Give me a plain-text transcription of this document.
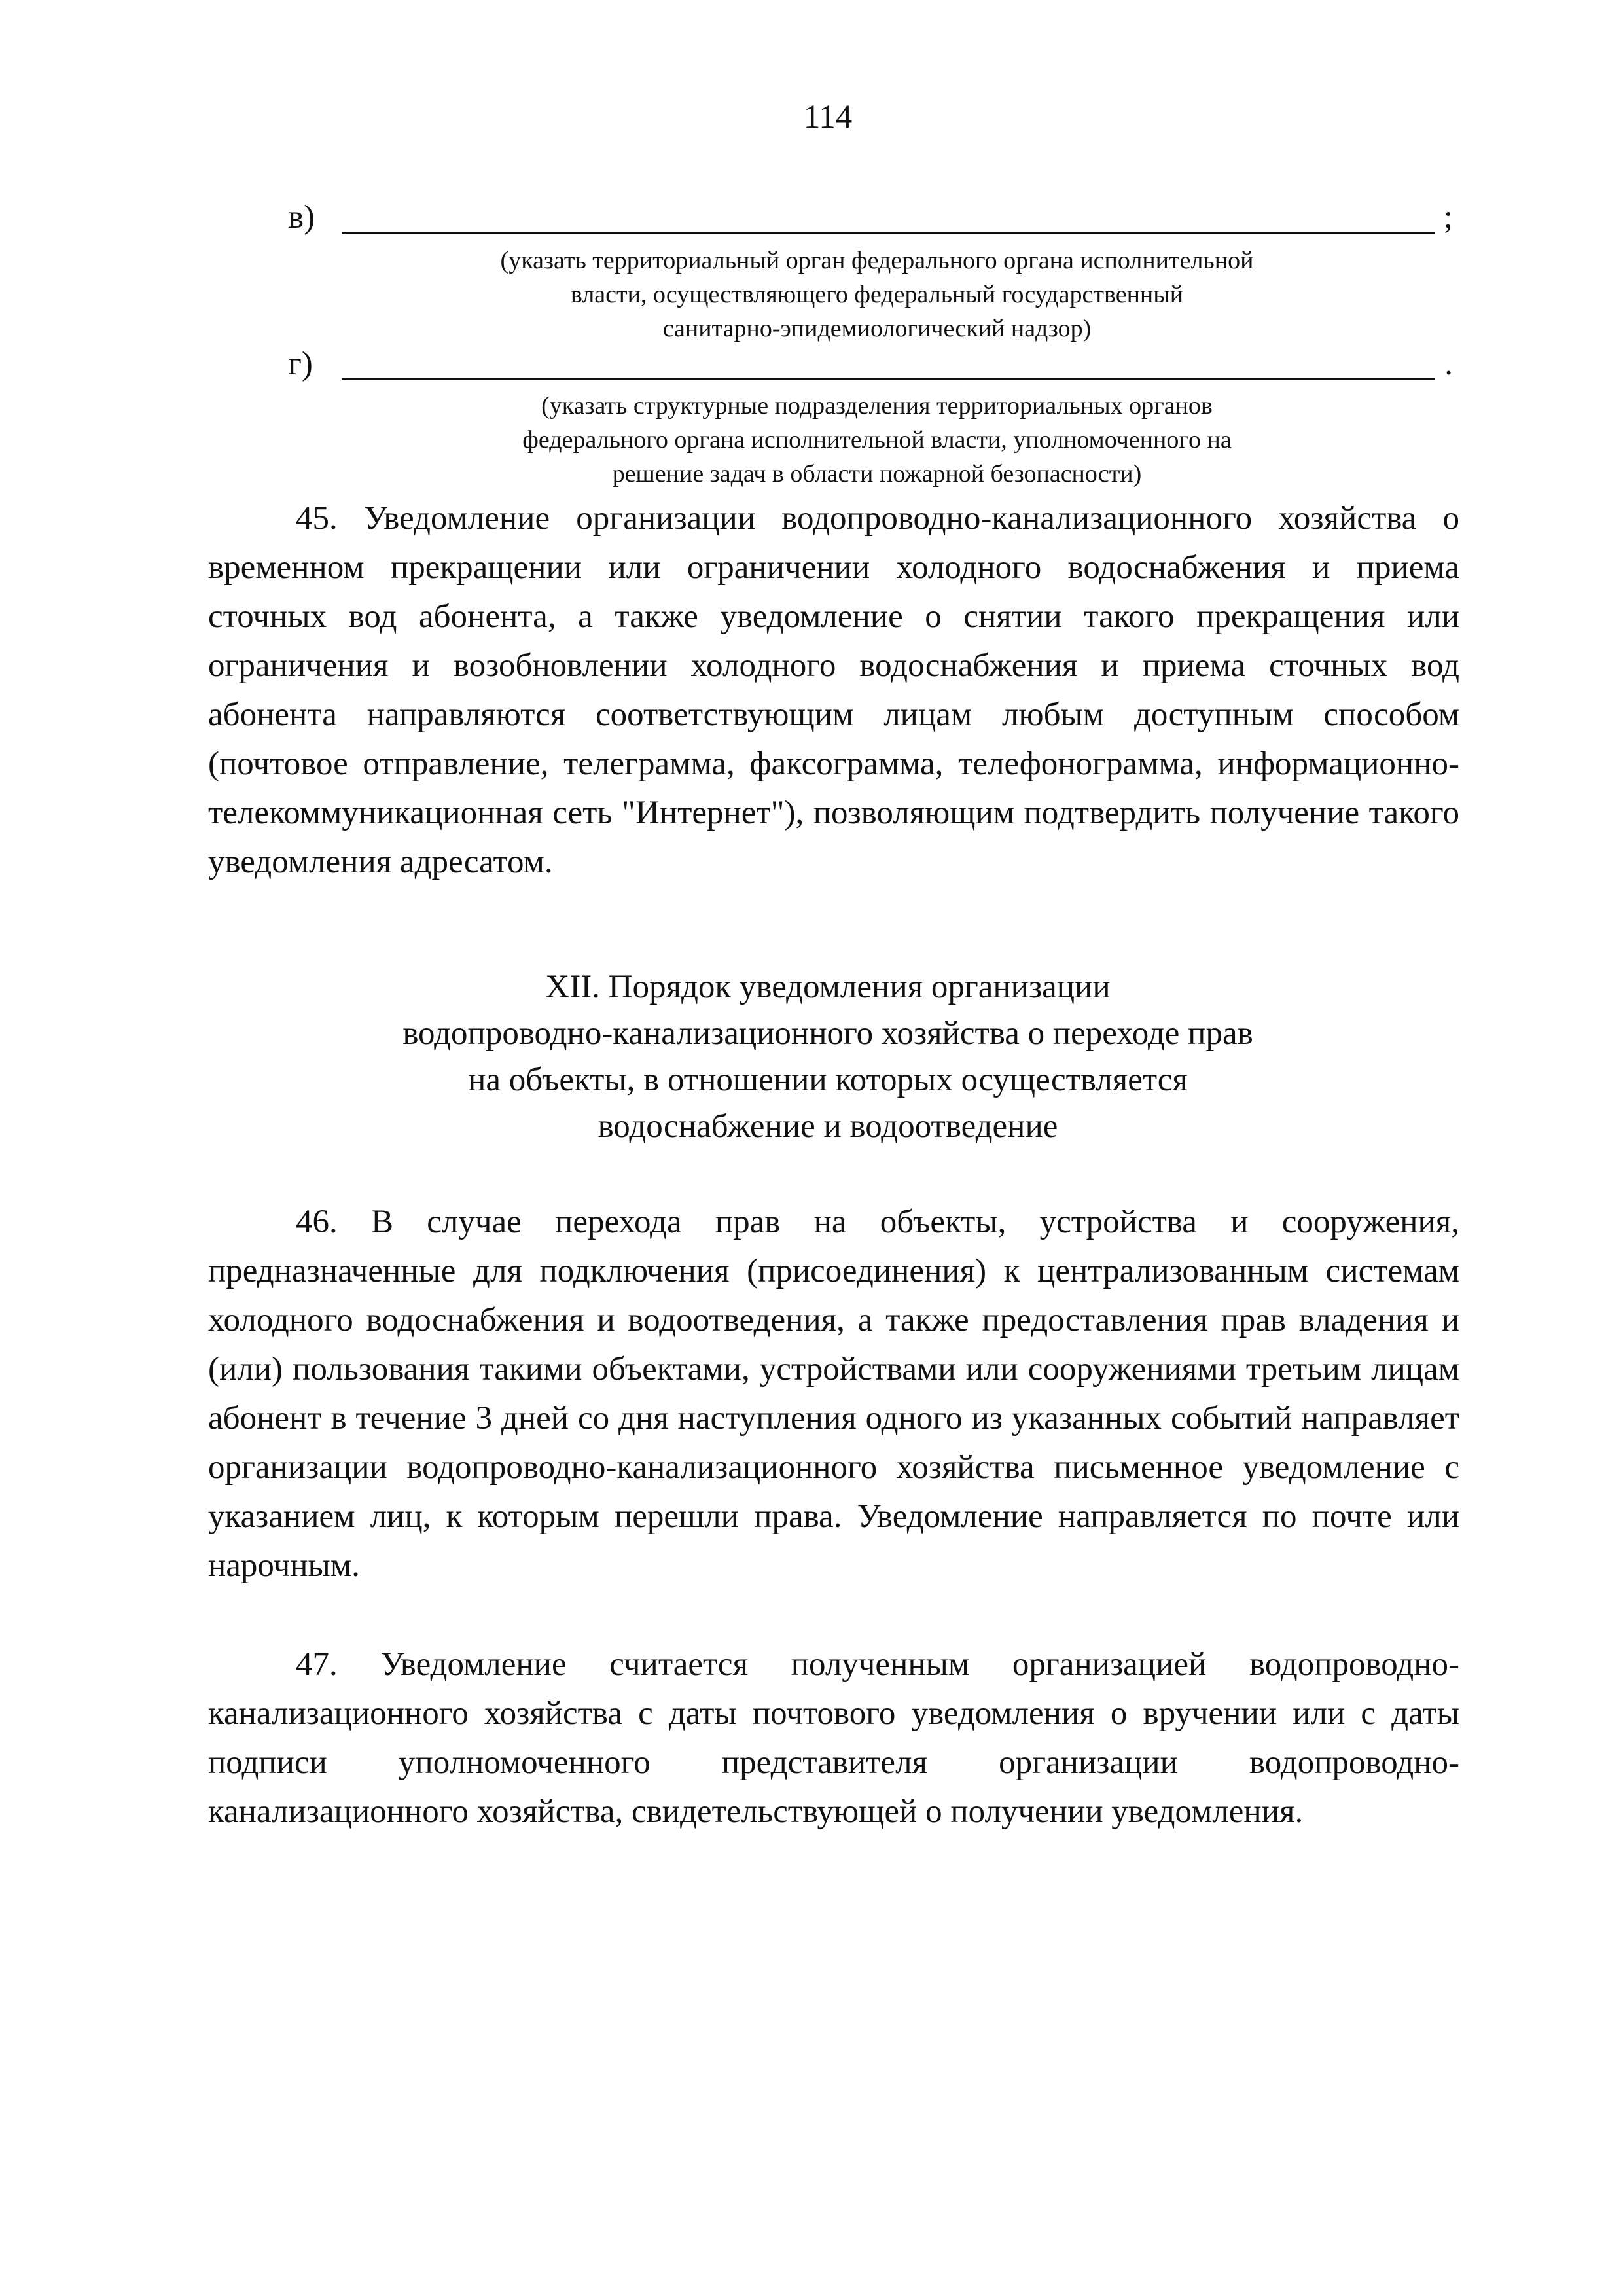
114
в)	;
(указать территориальный орган федерального органа исполнительной
власти, осуществляющего федеральный государственный
санитарно-эпидемиологический надзор)
г)	.
(указать структурные подразделения территориальных органов
федерального органа исполнительной власти, уполномоченного на
решение задач в области пожарной безопасности)
45. Уведомление организации водопроводно-канализационного хозяйства о временном прекращении или ограничении холодного водоснабжения и приема сточных вод абонента, а также уведомление о снятии такого прекращения или ограничения и возобновлении холодного водоснабжения и приема сточных вод абонента направляются соответствующим лицам любым доступным способом (почтовое отправление, телеграмма, факсограмма, телефонограмма, информационно-телекоммуникационная сеть "Интернет"), позволяющим подтвердить получение такого уведомления адресатом.
XII. Порядок уведомления организации
водопроводно-канализационного хозяйства о переходе прав
на объекты, в отношении которых осуществляется
водоснабжение и водоотведение
46. В случае перехода прав на объекты, устройства и сооружения, предназначенные для подключения (присоединения) к централизованным системам холодного водоснабжения и водоотведения, а также предоставления прав владения и (или) пользования такими объектами, устройствами или сооружениями третьим лицам абонент в течение 3 дней со дня наступления одного из указанных событий направляет организации водопроводно-канализационного хозяйства письменное уведомление с указанием лиц, к которым перешли права. Уведомление направляется по почте или нарочным.
47. Уведомление считается полученным организацией водопроводно-канализационного хозяйства с даты почтового уведомления о вручении или с даты подписи уполномоченного представителя организации водопроводно-канализационного хозяйства, свидетельствующей о получении уведомления.
